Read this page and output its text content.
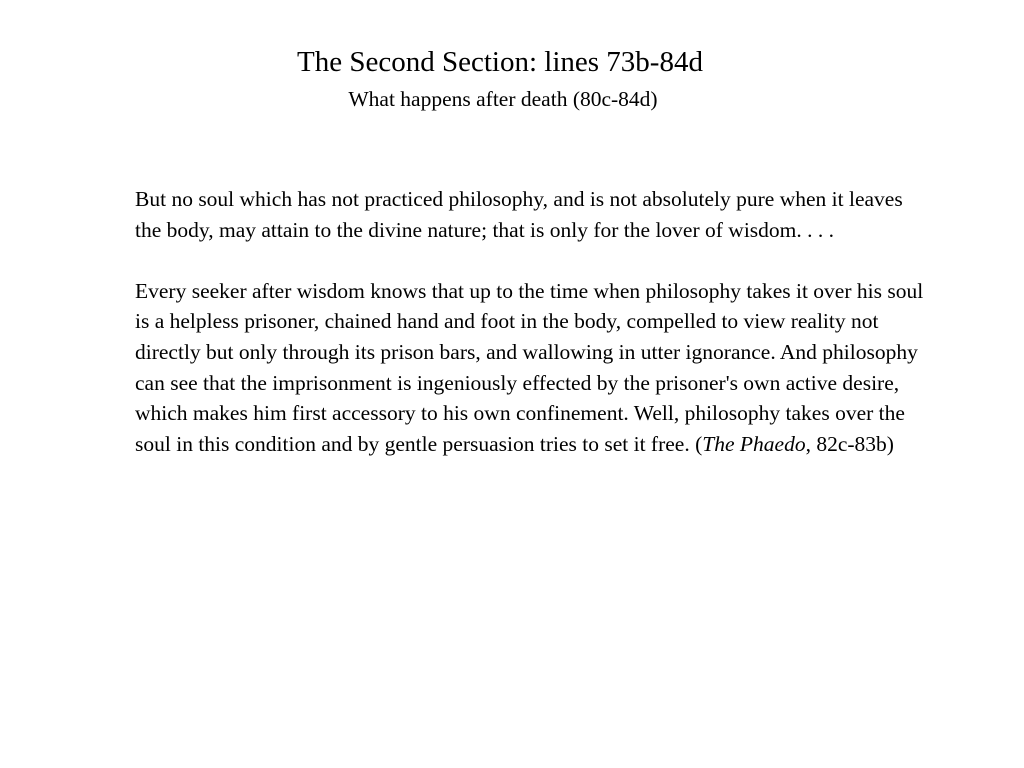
The Second Section: lines 73b-84d
What happens after death (80c-84d)

But no soul which has not practiced philosophy, and is not absolutely pure when it leaves the body, may attain to the divine nature; that is only for the lover of wisdom. . . .

Every seeker after wisdom knows that up to the time when philosophy takes it over his soul is a helpless prisoner, chained hand and foot in the body, compelled to view reality not directly but only through its prison bars, and wallowing in utter ignorance. And philosophy can see that the imprisonment is ingeniously effected by the prisoner's own active desire, which makes him first accessory to his own confinement. Well, philosophy takes over the soul in this condition and by gentle persuasion tries to set it free. (The Phaedo, 82c-83b)
